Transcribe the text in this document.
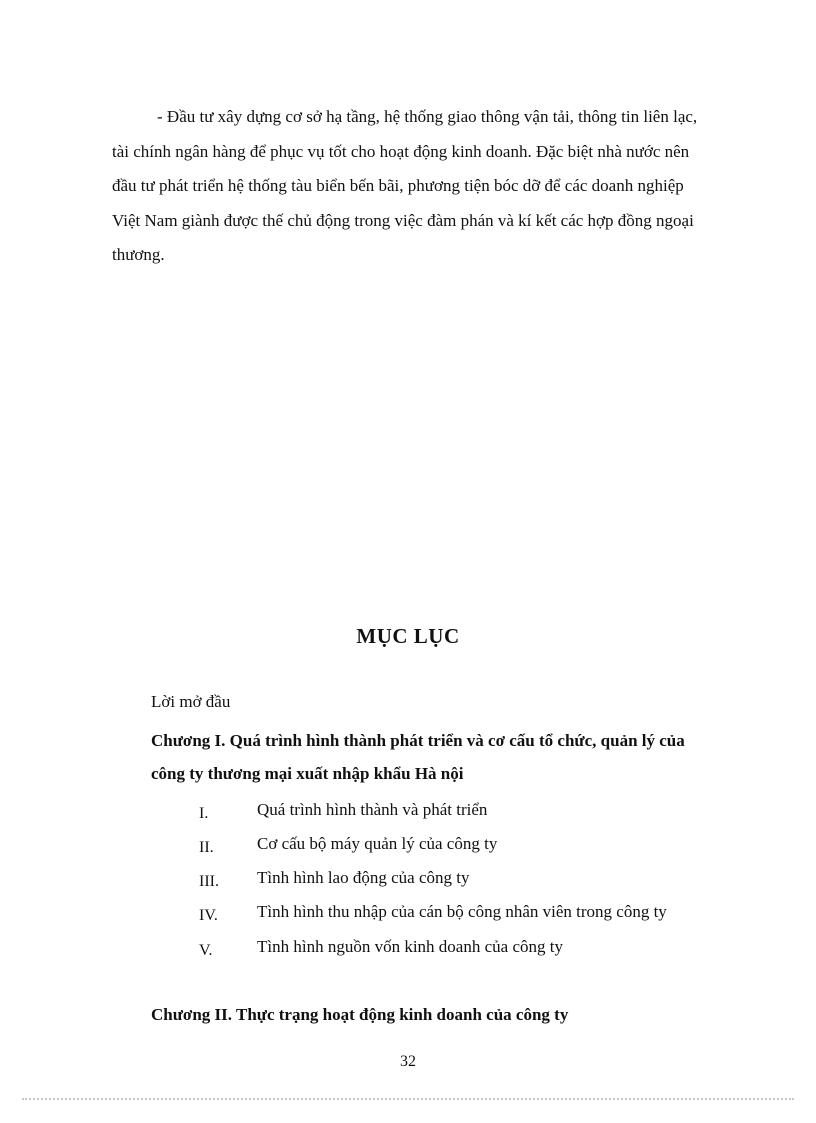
- Đầu tư xây dựng cơ sở hạ tầng, hệ thống giao thông vận tải, thông tin liên lạc,
tài chính ngân hàng để phục vụ tốt cho hoạt động kinh doanh. Đặc biệt nhà nước nên
đầu tư phát triển hệ thống tàu biển bến bãi, phương tiện bóc dỡ để các doanh nghiệp
Việt Nam giành được thế chủ động trong việc đàm phán và kí kết các hợp đồng ngoại
thương.
MỤC LỤC
Lời mở đầu
Chương I. Quá trình hình thành phát triển và cơ cấu tổ chức, quản lý của
công ty thương mại xuất nhập khẩu Hà nội
I.	Quá trình hình thành và phát triển
II.	Cơ cấu bộ máy quản lý của công ty
III. Tình hình lao động của công ty
IV. Tình hình thu nhập của cán bộ công nhân viên trong công ty
V.	Tình hình nguồn vốn kinh doanh của công ty
Chương II. Thực trạng hoạt động kinh doanh của công ty
32
